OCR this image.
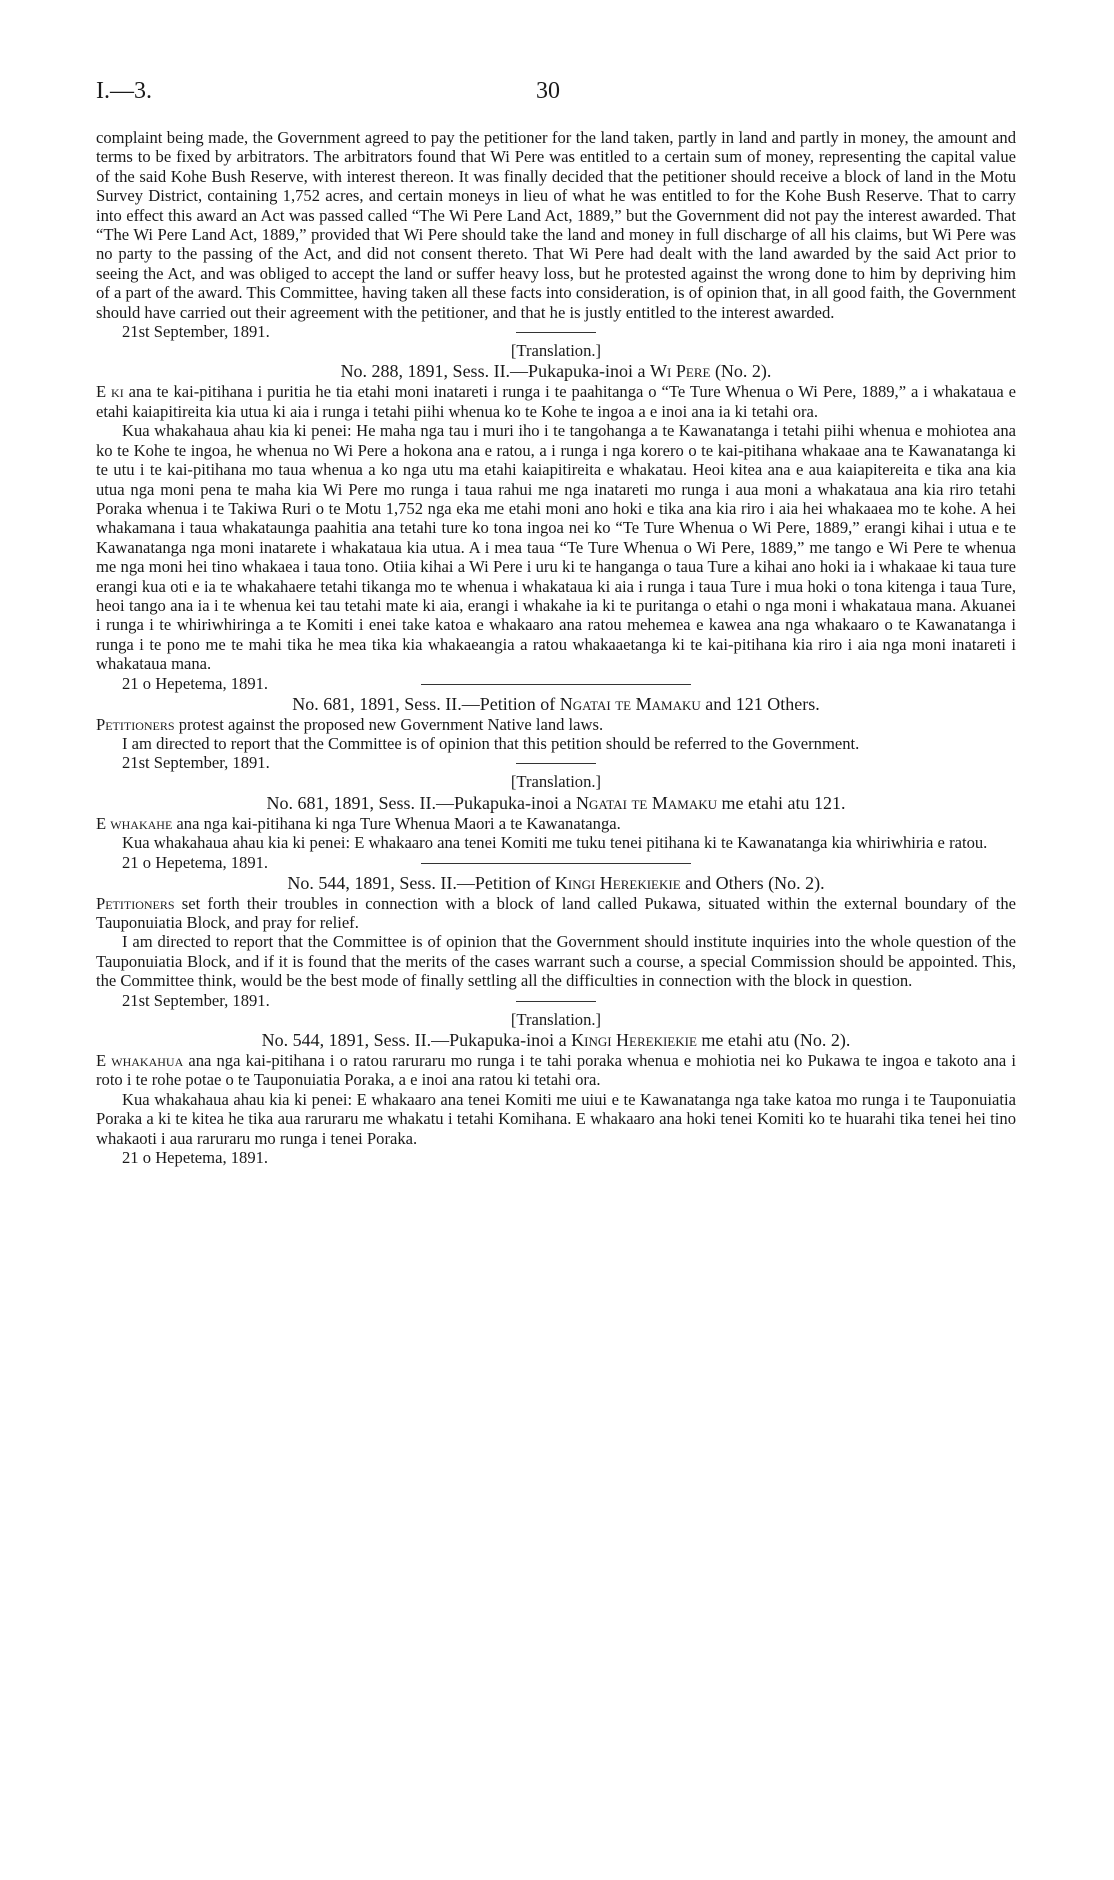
I.—3.	30

complaint being made, the Government agreed to pay the petitioner for the land taken, partly in land and partly in money, the amount and terms to be fixed by arbitrators. The arbitrators found that Wi Pere was entitled to a certain sum of money, representing the capital value of the said Kohe Bush Reserve, with interest thereon. It was finally decided that the petitioner should receive a block of land in the Motu Survey District, containing 1,752 acres, and certain moneys in lieu of what he was entitled to for the Kohe Bush Reserve. That to carry into effect this award an Act was passed called “The Wi Pere Land Act, 1889,” but the Government did not pay the interest awarded. That “The Wi Pere Land Act, 1889,” provided that Wi Pere should take the land and money in full discharge of all his claims, but Wi Pere was no party to the passing of the Act, and did not consent thereto. That Wi Pere had dealt with the land awarded by the said Act prior to seeing the Act, and was obliged to accept the land or suffer heavy loss, but he protested against the wrong done to him by depriving him of a part of the award. This Committee, having taken all these facts into consideration, is of opinion that, in all good faith, the Government should have carried out their agreement with the petitioner, and that he is justly entitled to the interest awarded.

21st September, 1891.

[Translation.]

No. 288, 1891, Sess. II.—Pukapuka-inoi a Wi Pere (No. 2).

E ki ana te kai-pitihana i puritia he tia etahi moni inatareti i runga i te paahitanga o “Te Ture Whenua o Wi Pere, 1889,” a i whakataua e etahi kaiapitireita kia utua ki aia i runga i tetahi piihi whenua ko te Kohe te ingoa a e inoi ana ia ki tetahi ora.

Kua whakahaua ahau kia ki penei: He maha nga tau i muri iho i te tangohanga a te Kawanatanga i tetahi piihi whenua e mohiotea ana ko te Kohe te ingoa, he whenua no Wi Pere a hokona ana e ratou, a i runga i nga korero o te kai-pitihana whakaae ana te Kawanatanga ki te utu i te kai-pitihana mo taua whenua a ko nga utu ma etahi kaiapitireita e whakatau. Heoi kitea ana e aua kaiapitereita e tika ana kia utua nga moni pena te maha kia Wi Pere mo runga i taua rahui me nga inatareti mo runga i aua moni a whakataua ana kia riro tetahi Poraka whenua i te Takiwa Ruri o te Motu 1,752 nga eka me etahi moni ano hoki e tika ana kia riro i aia hei whakaaea mo te kohe. A hei whakamana i taua whakataunga paahitia ana tetahi ture ko tona ingoa nei ko “Te Ture Whenua o Wi Pere, 1889,” erangi kihai i utua e te Kawanatanga nga moni inatarete i whakataua kia utua. A i mea taua “Te Ture Whenua o Wi Pere, 1889,” me tango e Wi Pere te whenua me nga moni hei tino whakaea i taua tono. Otiia kihai a Wi Pere i uru ki te hanganga o taua Ture a kihai ano hoki ia i whakaae ki taua ture erangi kua oti e ia te whakahaere tetahi tikanga mo te whenua i whakataua ki aia i runga i taua Ture i mua hoki o tona kitenga i taua Ture, heoi tango ana ia i te whenua kei tau tetahi mate ki aia, erangi i whakahe ia ki te puritanga o etahi o nga moni i whakataua mana. Akuanei i runga i te whiriwhiringa a te Komiti i enei take katoa e whakaaro ana ratou mehemea e kawea ana nga whakaaro o te Kawanatanga i runga i te pono me te mahi tika he mea tika kia whakaeangia a ratou whakaaetanga ki te kai-pitihana kia riro i aia nga moni inatareti i whakataua mana.

21 o Hepetema, 1891.

No. 681, 1891, Sess. II.—Petition of Ngatai te Mamaku and 121 Others.

Petitioners protest against the proposed new Government Native land laws.

I am directed to report that the Committee is of opinion that this petition should be referred to the Government.

21st September, 1891.

[Translation.]

No. 681, 1891, Sess. II.—Pukapuka-inoi a Ngatai te Mamaku me etahi atu 121.

E whakahe ana nga kai-pitihana ki nga Ture Whenua Maori a te Kawanatanga.

Kua whakahaua ahau kia ki penei: E whakaaro ana tenei Komiti me tuku tenei pitihana ki te Kawanatanga kia whiriwhiria e ratou.

21 o Hepetema, 1891.

No. 544, 1891, Sess. II.—Petition of Kingi Herekiekie and Others (No. 2).

Petitioners set forth their troubles in connection with a block of land called Pukawa, situated within the external boundary of the Tauponuiatia Block, and pray for relief.

I am directed to report that the Committee is of opinion that the Government should institute inquiries into the whole question of the Tauponuiatia Block, and if it is found that the merits of the cases warrant such a course, a special Commission should be appointed. This, the Committee think, would be the best mode of finally settling all the difficulties in connection with the block in question.

21st September, 1891.

[Translation.]

No. 544, 1891, Sess. II.—Pukapuka-inoi a Kingi Herekiekie me etahi atu (No. 2).

E whakahua ana nga kai-pitihana i o ratou raruraru mo runga i te tahi poraka whenua e mohiotia nei ko Pukawa te ingoa e takoto ana i roto i te rohe potae o te Tauponuiatia Poraka, a e inoi ana ratou ki tetahi ora.

Kua whakahaua ahau kia ki penei: E whakaaro ana tenei Komiti me uiui e te Kawanatanga nga take katoa mo runga i te Tauponuiatia Poraka a ki te kitea he tika aua raruraru me whakatu i tetahi Komihana. E whakaaro ana hoki tenei Komiti ko te huarahi tika tenei hei tino whakaoti i aua raruraru mo runga i tenei Poraka.

21 o Hepetema, 1891.
